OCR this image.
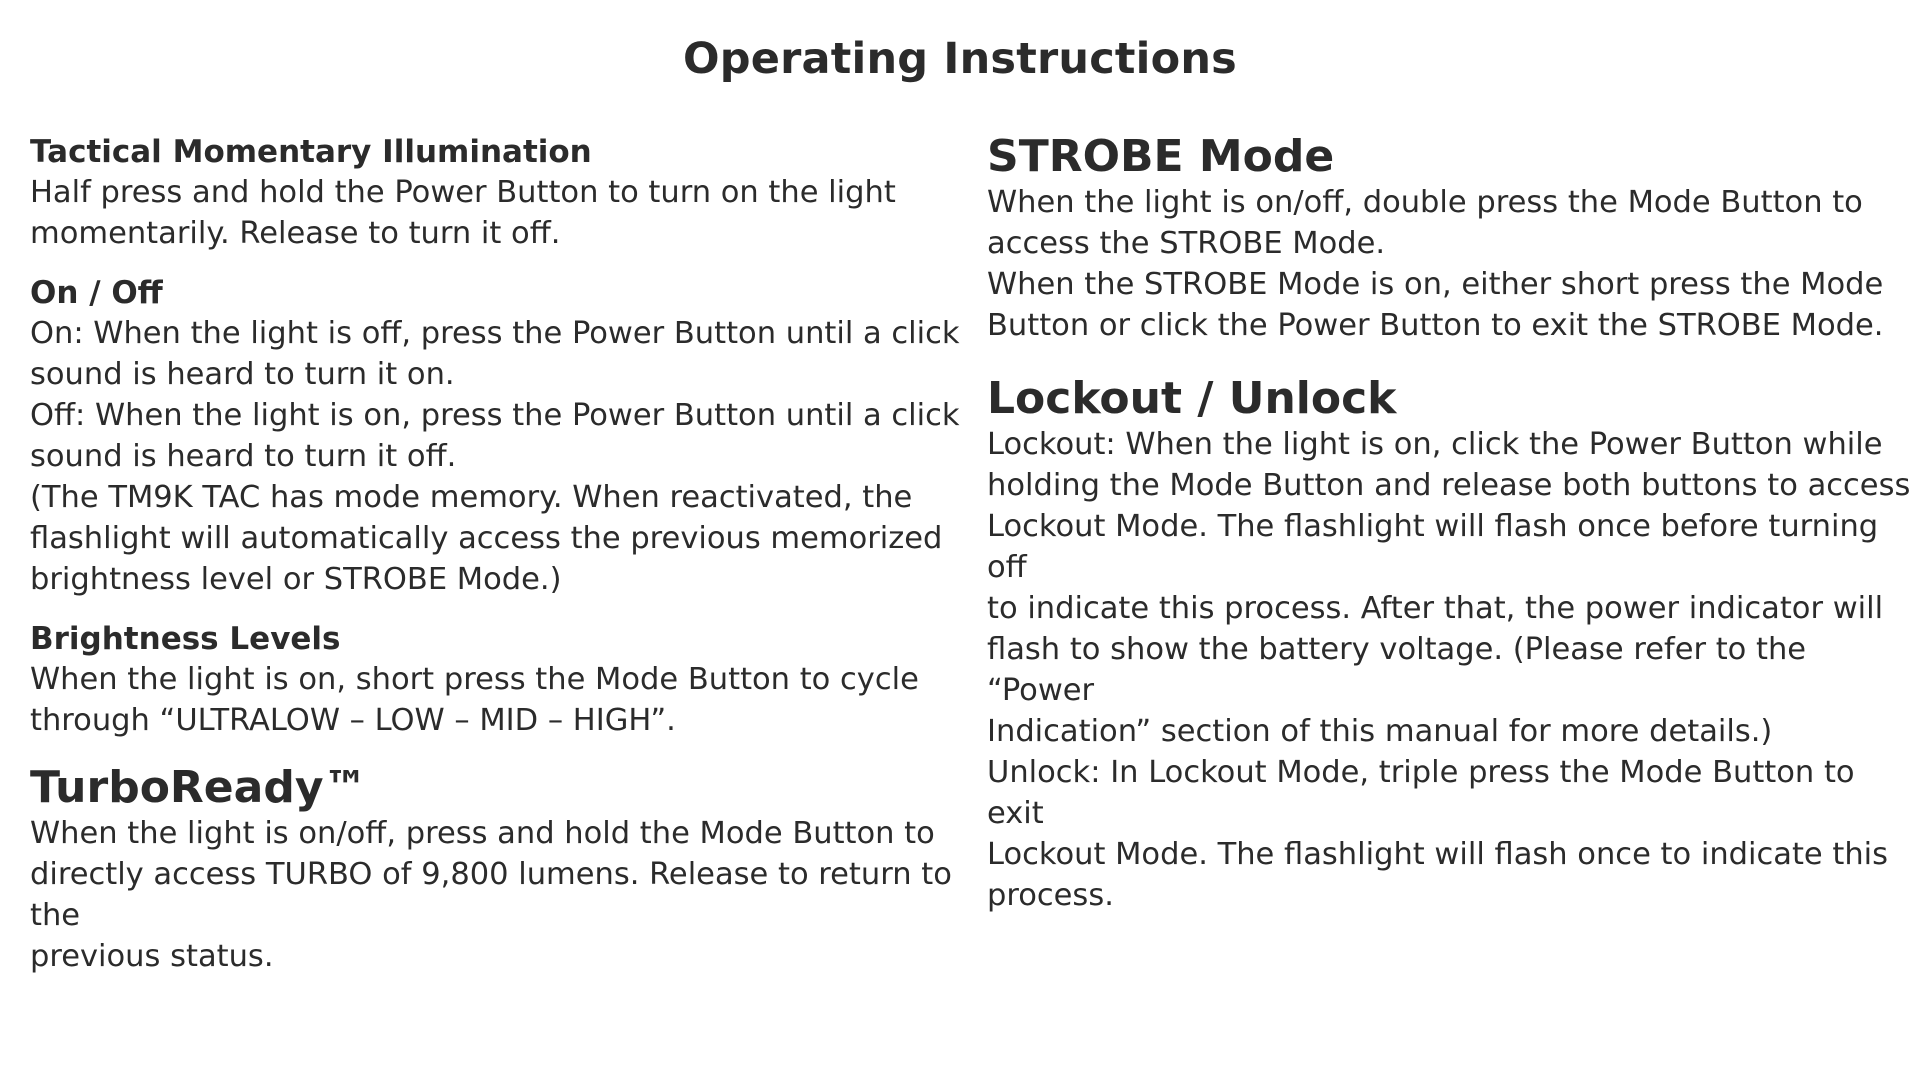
Operating Instructions
Tactical Momentary Illumination
Half press and hold the Power Button to turn on the light
momentarily. Release to turn it off.
On / Off
On: When the light is off, press the Power Button until a click
sound is heard to turn it on.
Off: When the light is on, press the Power Button until a click
sound is heard to turn it off.
(The TM9K TAC has mode memory. When reactivated, the
flashlight will automatically access the previous memorized
brightness level or STROBE Mode.)
Brightness Levels
When the light is on, short press the Mode Button to cycle
through “ULTRALOW – LOW – MID – HIGH”.
TurboReady™
When the light is on/off, press and hold the Mode Button to
directly access TURBO of 9,800 lumens. Release to return to the
previous status.
STROBE Mode
When the light is on/off, double press the Mode Button to
access the STROBE Mode.
When the STROBE Mode is on, either short press the Mode
Button or click the Power Button to exit the STROBE Mode.
Lockout / Unlock
Lockout: When the light is on, click the Power Button while
holding the Mode Button and release both buttons to access
Lockout Mode. The flashlight will flash once before turning off
to indicate this process. After that, the power indicator will
flash to show the battery voltage. (Please refer to the “Power
Indication” section of this manual for more details.)
Unlock: In Lockout Mode, triple press the Mode Button to exit
Lockout Mode. The flashlight will flash once to indicate this
process.
